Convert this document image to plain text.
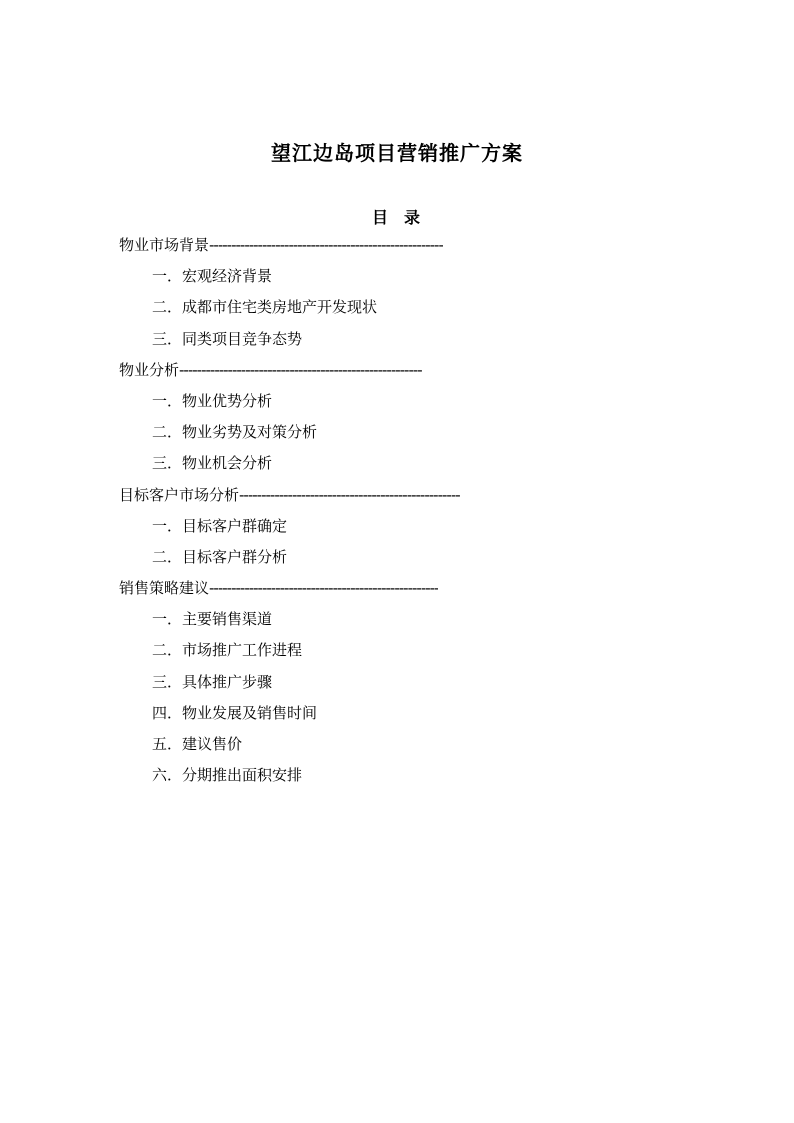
望江边岛项目营销推广方案
目　录
物业市场背景 -----------------------------------------------------
一．宏观经济背景
二．成都市住宅类房地产开发现状
三．同类项目竞争态势
物业分析 -------------------------------------------------------
一．物业优势分析
二．物业劣势及对策分析
三．物业机会分析
目标客户市场分析 --------------------------------------------------
一．目标客户群确定
二．目标客户群分析
销售策略建议 ----------------------------------------------------
一．主要销售渠道
二．市场推广工作进程
三．具体推广步骤
四．物业发展及销售时间
五．建议售价
六．分期推出面积安排
